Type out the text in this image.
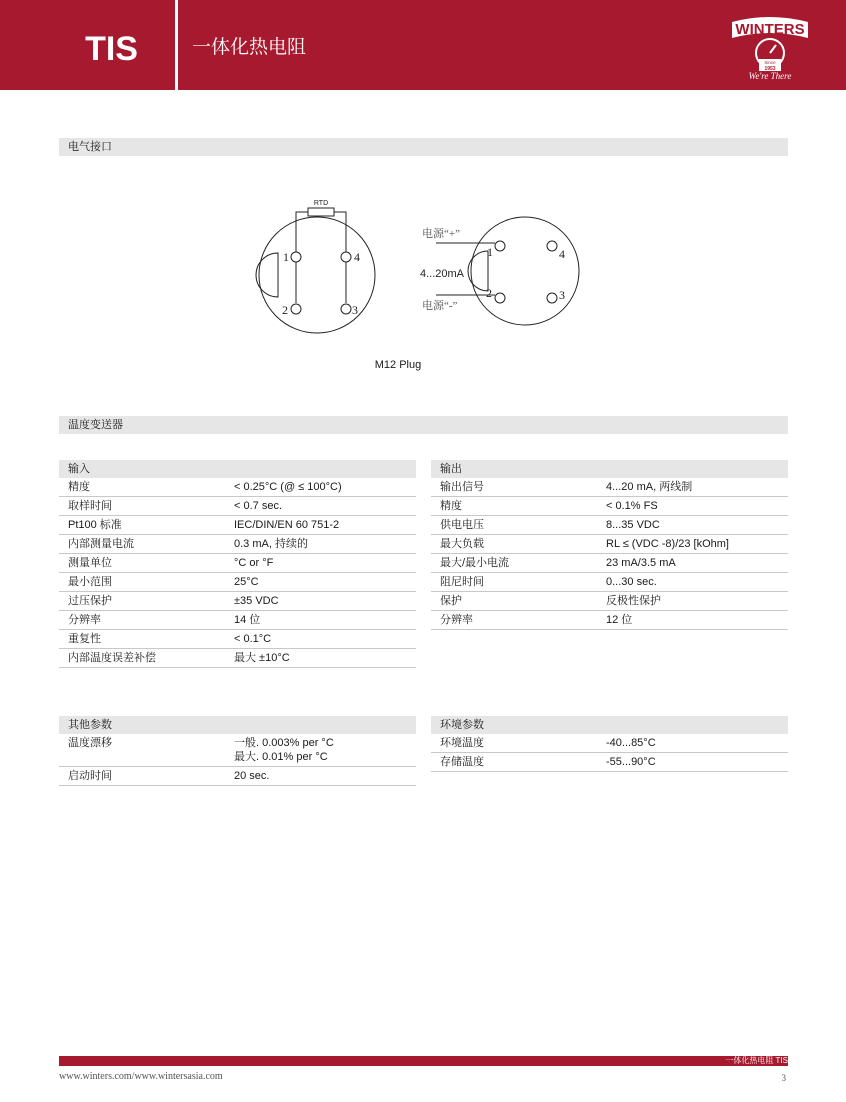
TIS	一体化热电阻
WINTERS
Since
1953
We're There
电气接口
RTD
1	4
2	3
1	4
2	3
电源“+”
4...20mA
电源“-”
M12 Plug
温度变送器
输入
精度	< 0.25°C (@ ≤ 100°C)
取样时间	< 0.7 sec.
Pt100 标准	IEC/DIN/EN 60 751-2
内部测量电流	0.3 mA, 持续的
测量单位	°C or °F
最小范围	25°C
过压保护	±35 VDC
分辨率	14 位
重复性	< 0.1°C
内部温度误差补偿	最大 ±10°C
输出
输出信号	4...20 mA, 两线制
精度	< 0.1% FS
供电电压	8...35 VDC
最大负载	RL ≤ (VDC -8)/23 [kOhm]
最大/最小电流	23 mA/3.5 mA
阻尼时间	0...30 sec.
保护	反极性保护
分辨率	12 位
其他参数
温度漂移	一般. 0.003% per °C
最大. 0.01% per °C
启动时间	20 sec.
环境参数
环境温度	-40...85°C
存储温度	-55...90°C
一体化热电阻 TIS
www.winters.com/www.wintersasia.com	3
